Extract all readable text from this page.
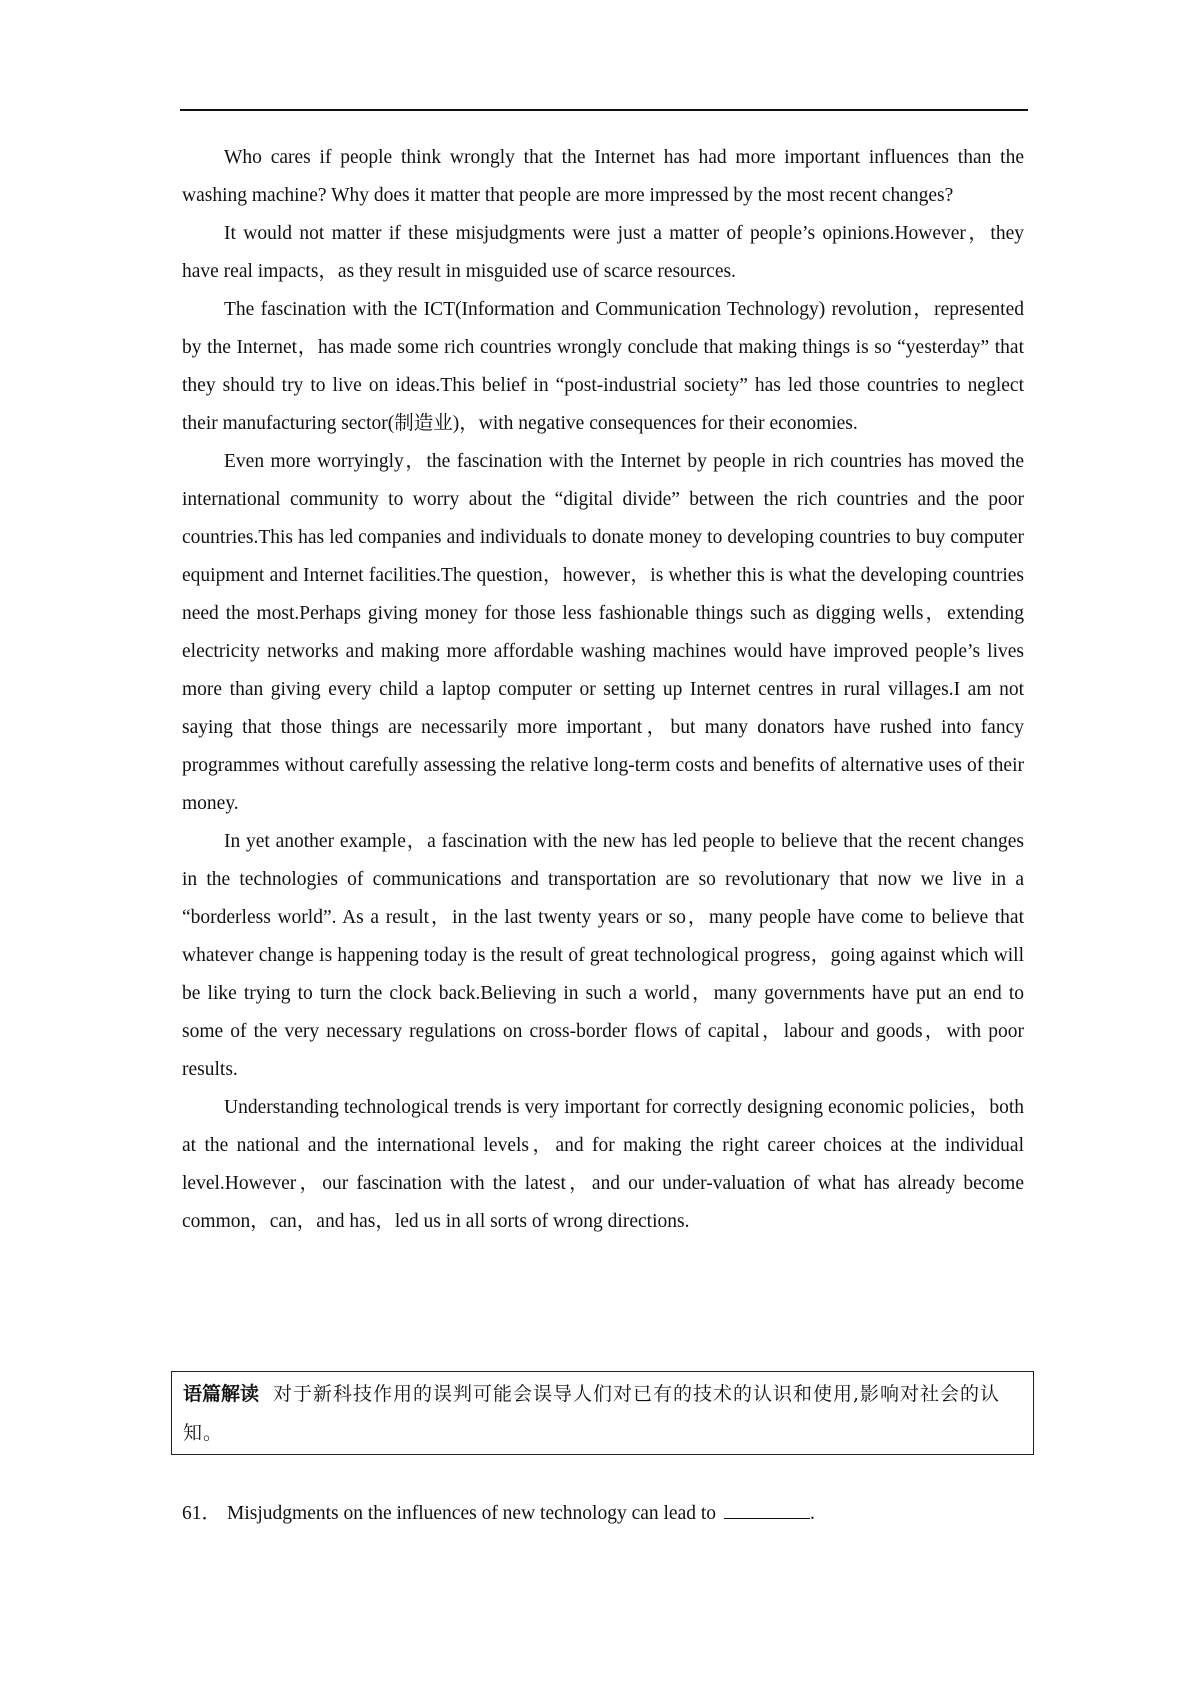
Who cares if people think wrongly that the Internet has had more important influences than the washing machine? Why does it matter that people are more impressed by the most recent changes?

It would not matter if these misjudgments were just a matter of people’s opinions.However，they have real impacts，as they result in misguided use of scarce resources.

The fascination with the ICT(Information and Communication Technology) revolution，represented by the Internet，has made some rich countries wrongly conclude that making things is so “yesterday” that they should try to live on ideas.This belief in “post-industrial society” has led those countries to neglect their manufacturing sector(制造业)，with negative consequences for their economies.

Even more worryingly，the fascination with the Internet by people in rich countries has moved the international community to worry about the “digital divide” between the rich countries and the poor countries.This has led companies and individuals to donate money to developing countries to buy computer equipment and Internet facilities.The question，however，is whether this is what the developing countries need the most.Perhaps giving money for those less fashionable things such as digging wells，extending electricity networks and making more affordable washing machines would have improved people’s lives more than giving every child a laptop computer or setting up Internet centres in rural villages.I am not saying that those things are necessarily more important，but many donators have rushed into fancy programmes without carefully assessing the relative long-term costs and benefits of alternative uses of their money.

In yet another example，a fascination with the new has led people to believe that the recent changes in the technologies of communications and transportation are so revolutionary that now we live in a “borderless world”. As a result，in the last twenty years or so，many people have come to believe that whatever change is happening today is the result of great technological progress，going against which will be like trying to turn the clock back.Believing in such a world，many governments have put an end to some of the very necessary regulations on cross-border flows of capital，labour and goods，with poor results.

Understanding technological trends is very important for correctly designing economic policies，both at the national and the international levels，and for making the right career choices at the individual level.However，our fascination with the latest，and our under-valuation of what has already become common，can，and has，led us in all sorts of wrong directions.

语篇解读 对于新科技作用的误判可能会误导人们对已有的技术的认识和使用,影响对社会的认知。
61． Misjudgments on the influences of new technology can lead to	.
